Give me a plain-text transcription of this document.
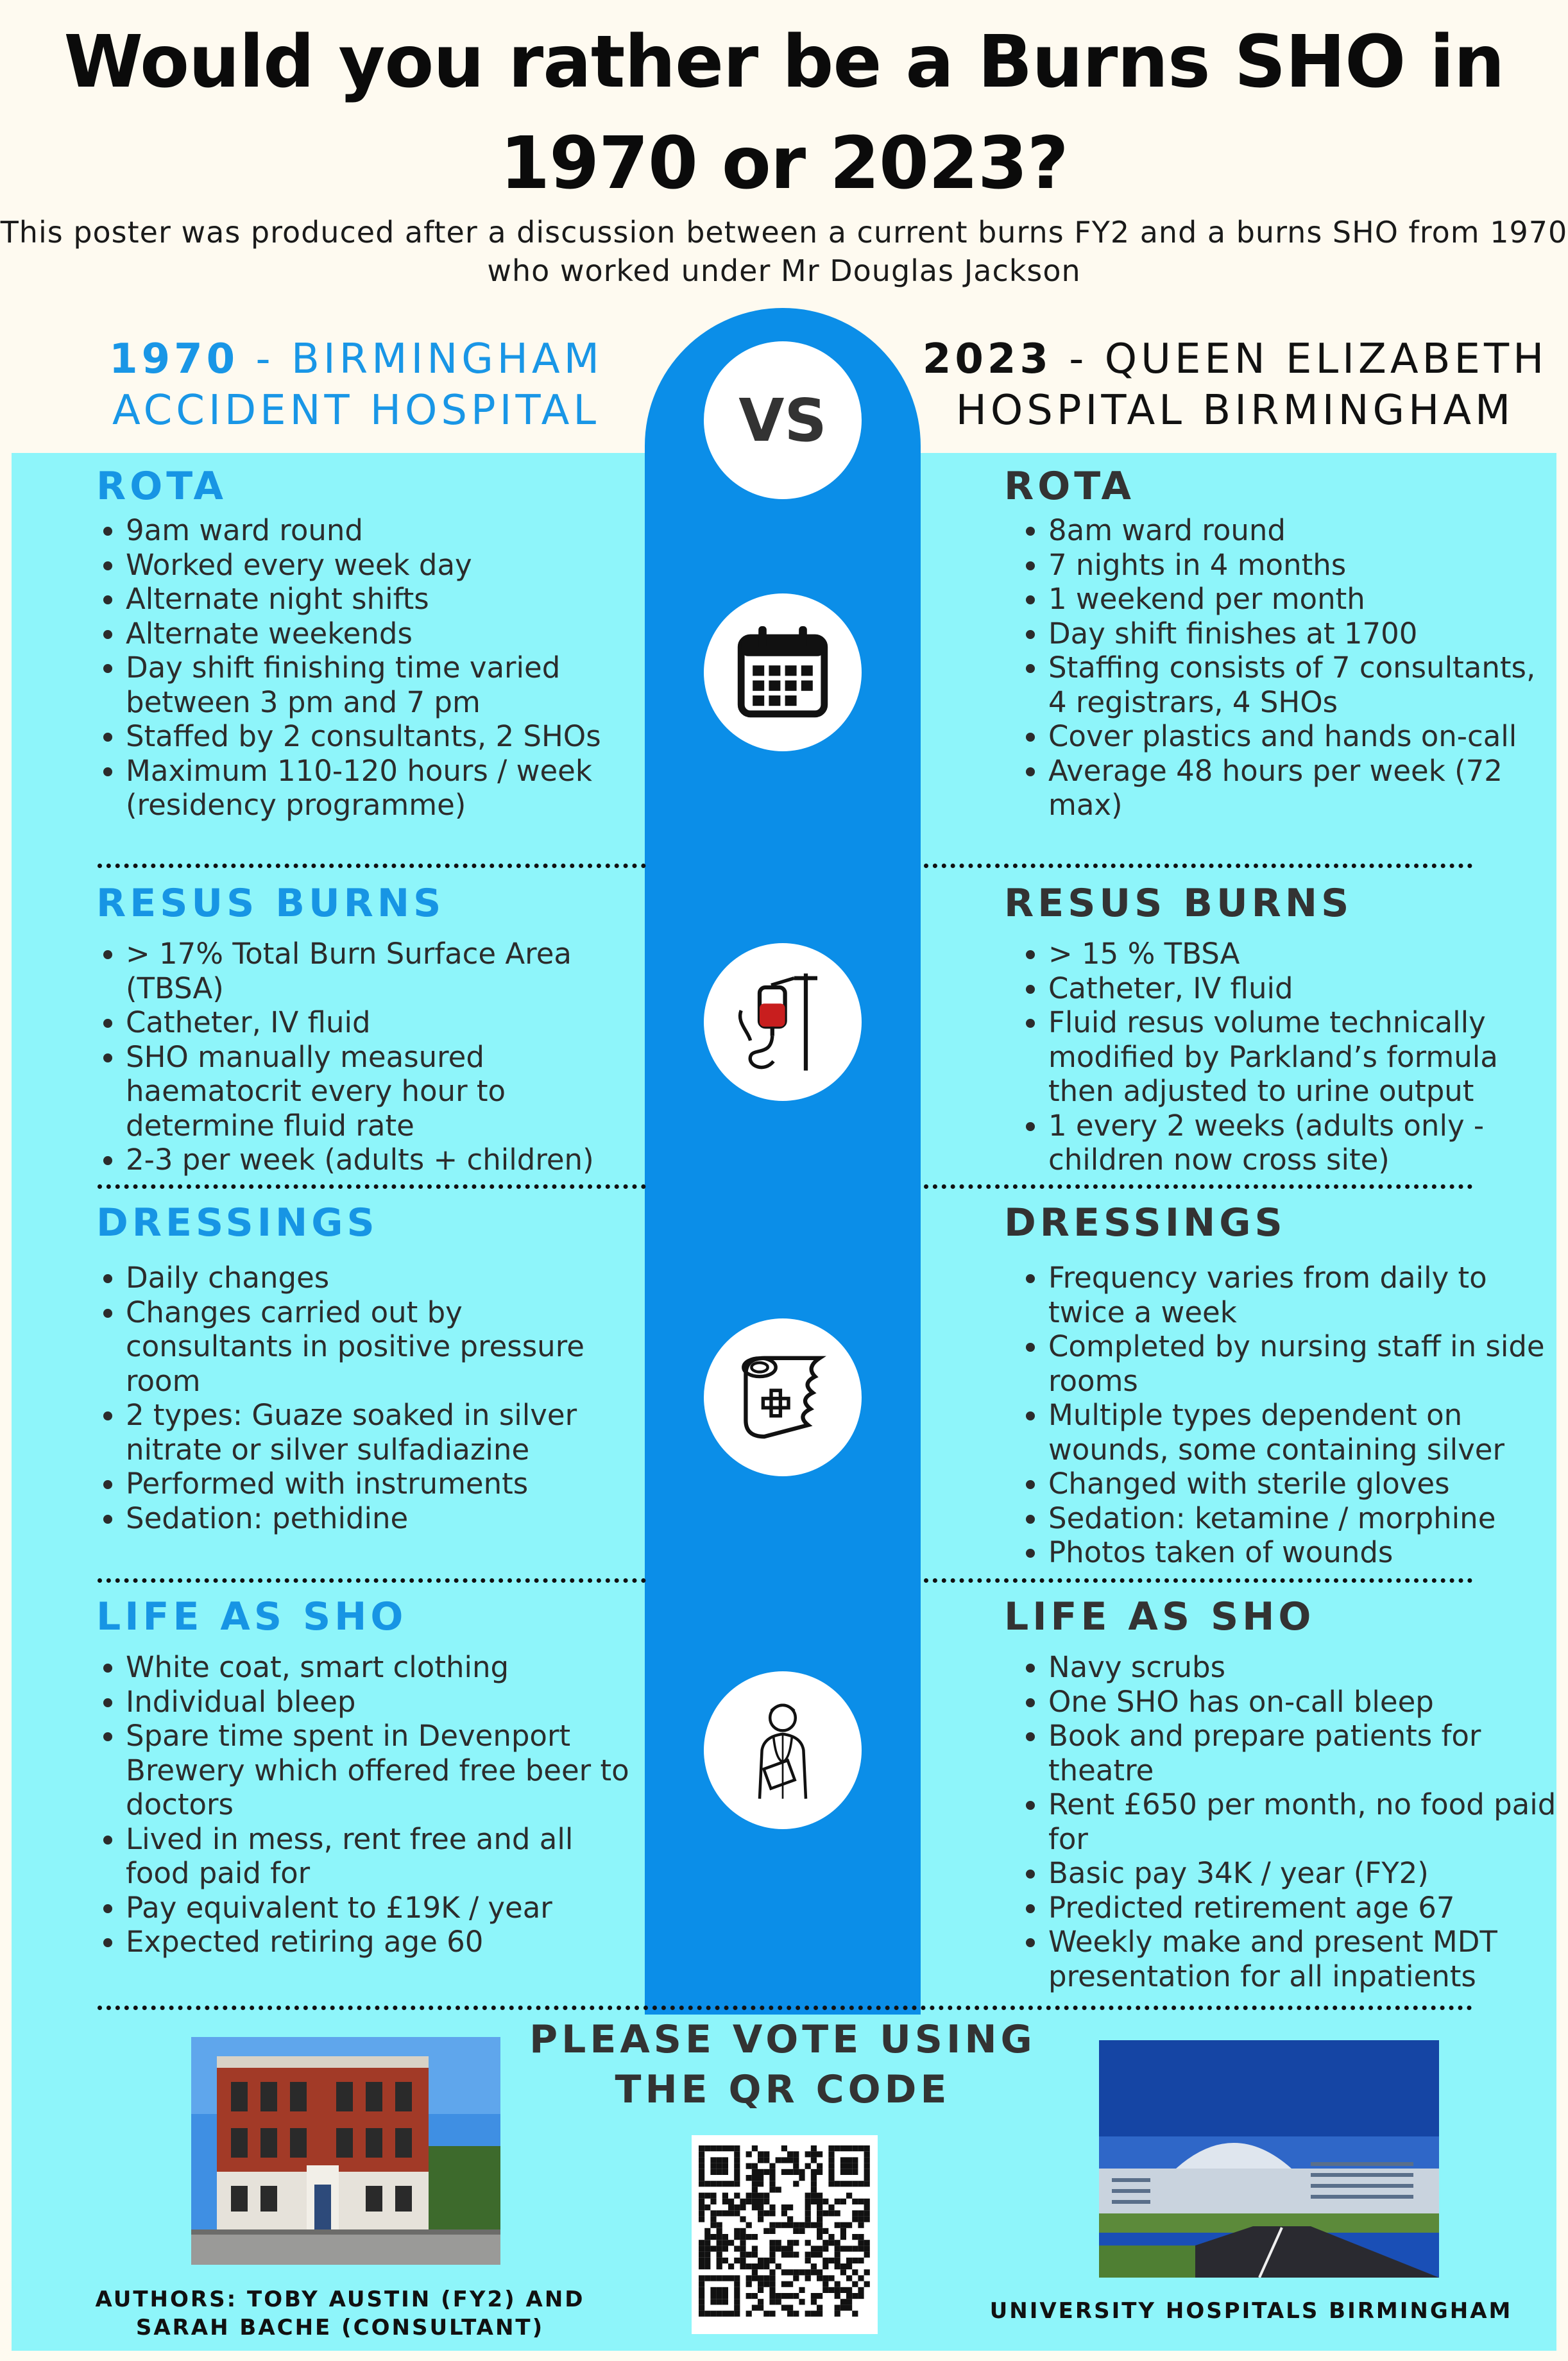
Would you rather be a Burns SHO in 1970 or 2023?
This poster was produced after a discussion between a current burns FY2 and a burns SHO from 1970 who worked under Mr Douglas Jackson
1970 - BIRMINGHAM
ACCIDENT HOSPITAL
2023 - QUEEN ELIZABETH
HOSPITAL BIRMINGHAM
VS
ROTA
• 9am ward round
• Worked every week day
• Alternate night shifts
• Alternate weekends
• Day shift finishing time varied between 3 pm and 7 pm
• Staffed by 2 consultants, 2 SHOs
• Maximum 110-120 hours / week (residency programme)
RESUS BURNS
• > 17% Total Burn Surface Area (TBSA)
• Catheter, IV fluid
• SHO manually measured haematocrit every hour to determine fluid rate
• 2-3 per week (adults + children)
DRESSINGS
• Daily changes
• Changes carried out by consultants in positive pressure room
• 2 types: Guaze soaked in silver nitrate or silver sulfadiazine
• Performed with instruments
• Sedation: pethidine
LIFE AS SHO
• White coat, smart clothing
• Individual bleep
• Spare time spent in Devenport Brewery which offered free beer to doctors
• Lived in mess, rent free and all food paid for
• Pay equivalent to £19K / year
• Expected retiring age 60
ROTA
• 8am ward round
• 7 nights in 4 months
• 1 weekend per month
• Day shift finishes at 1700
• Staffing consists of 7 consultants, 4 registrars, 4 SHOs
• Cover plastics and hands on-call
• Average 48 hours per week (72 max)
RESUS BURNS
• > 15 % TBSA
• Catheter, IV fluid
• Fluid resus volume technically modified by Parkland’s formula then adjusted to urine output
• 1 every 2 weeks (adults only - children now cross site)
DRESSINGS
• Frequency varies from daily to twice a week
• Completed by nursing staff in side rooms
• Multiple types dependent on wounds, some containing silver
• Changed with sterile gloves
• Sedation: ketamine / morphine
• Photos taken of wounds
LIFE AS SHO
• Navy scrubs
• One SHO has on-call bleep
• Book and prepare patients for theatre
• Rent £650 per month, no food paid for
• Basic pay 34K / year (FY2)
• Predicted retirement age 67
• Weekly make and present MDT presentation for all inpatients
PLEASE VOTE USING THE QR CODE
AUTHORS: TOBY AUSTIN (FY2) AND SARAH BACHE (CONSULTANT)
UNIVERSITY HOSPITALS BIRMINGHAM
